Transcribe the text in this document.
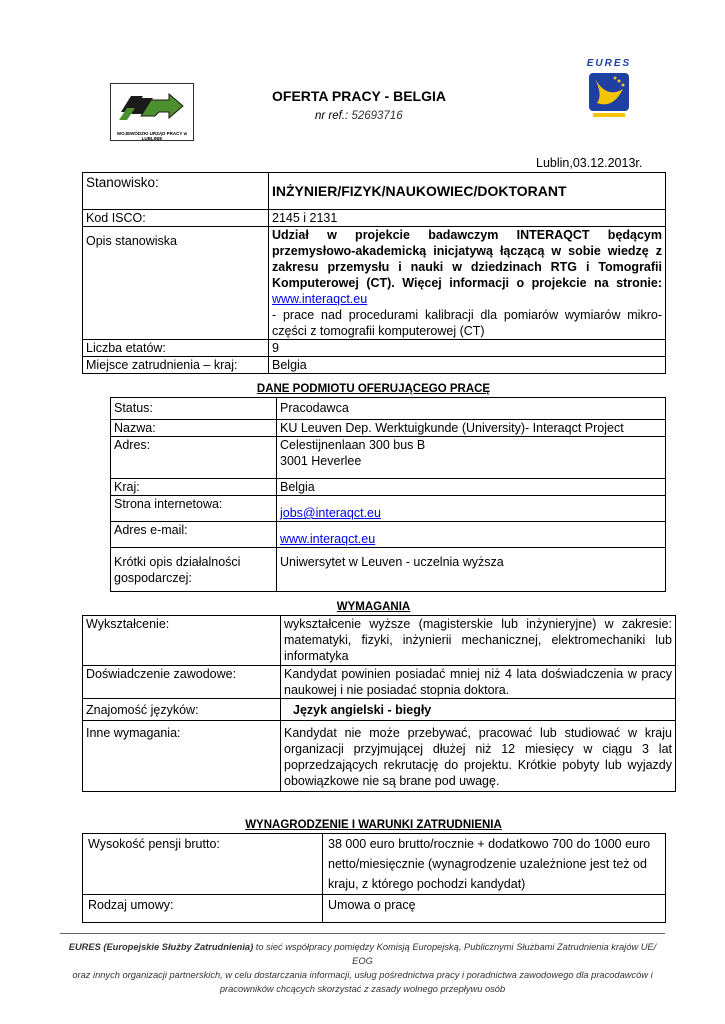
WOJEWÓDZKI URZĄD PRACY w LUBLINIE
OFERTA PRACY - BELGIA
nr ref.: 52693716
EURES
Lublin,03.12.2013r.
Stanowisko:	INŻYNIER/FIZYK/NAUKOWIEC/DOKTORANT
Kod ISCO:	2145 i 2131
Opis stanowiska	Udział w projekcie badawczym INTERAQCT będącym przemysłowo-akademicką inicjatywą łączącą w sobie wiedzę z zakresu przemysłu i nauki w dziedzinach RTG i Tomografii Komputerowej (CT). Więcej informacji o projekcie na stronie: www.interaqct.eu
- prace nad procedurami kalibracji dla pomiarów wymiarów mikro-części z tomografii komputerowej (CT)
Liczba etatów:	9
Miejsce zatrudnienia – kraj:	Belgia
DANE PODMIOTU OFERUJĄCEGO PRACĘ
Status:	Pracodawca
Nazwa:	KU Leuven Dep. Werktuigkunde (University)- Interaqct Project
Adres:	Celestijnenlaan 300 bus B
3001 Heverlee

Kraj:	Belgia
Strona internetowa:	jobs@interaqct.eu
Adres e-mail:	www.interaqct.eu
Krótki opis działalności gospodarczej:	Uniwersytet w Leuven - uczelnia wyższa
WYMAGANIA
Wykształcenie:	wykształcenie wyższe (magisterskie lub inżynieryjne) w zakresie: matematyki, fizyki, inżynierii mechanicznej, elektromechaniki lub informatyka
Doświadczenie zawodowe:	Kandydat powinien posiadać mniej niż 4 lata doświadczenia w pracy naukowej i nie posiadać stopnia doktora.
Znajomość języków:	Język angielski - biegły
Inne wymagania:	Kandydat nie może przebywać, pracować lub studiować w kraju organizacji przyjmującej dłużej niż 12 miesięcy w ciągu 3 lat poprzedzających rekrutację do projektu. Krótkie pobyty lub wyjazdy obowiązkowe nie są brane pod uwagę.
WYNAGRODZENIE I WARUNKI ZATRUDNIENIA
Wysokość pensji brutto:	38 000 euro brutto/rocznie + dodatkowo 700 do 1000 euro netto/miesięcznie (wynagrodzenie uzależnione jest też od kraju, z którego pochodzi kandydat)
Rodzaj umowy:	Umowa o pracę
EURES (Europejskie Służby Zatrudnienia) to sieć współpracy pomiędzy Komisją Europejską, Publicznymi Służbami Zatrudnienia krajów UE/ EOG
oraz innych organizacji partnerskich, w celu dostarczania informacji, usług pośrednictwa pracy i poradnictwa zawodowego dla pracodawców i
pracowników chcących skorzystać z zasady wolnego przepływu osób
